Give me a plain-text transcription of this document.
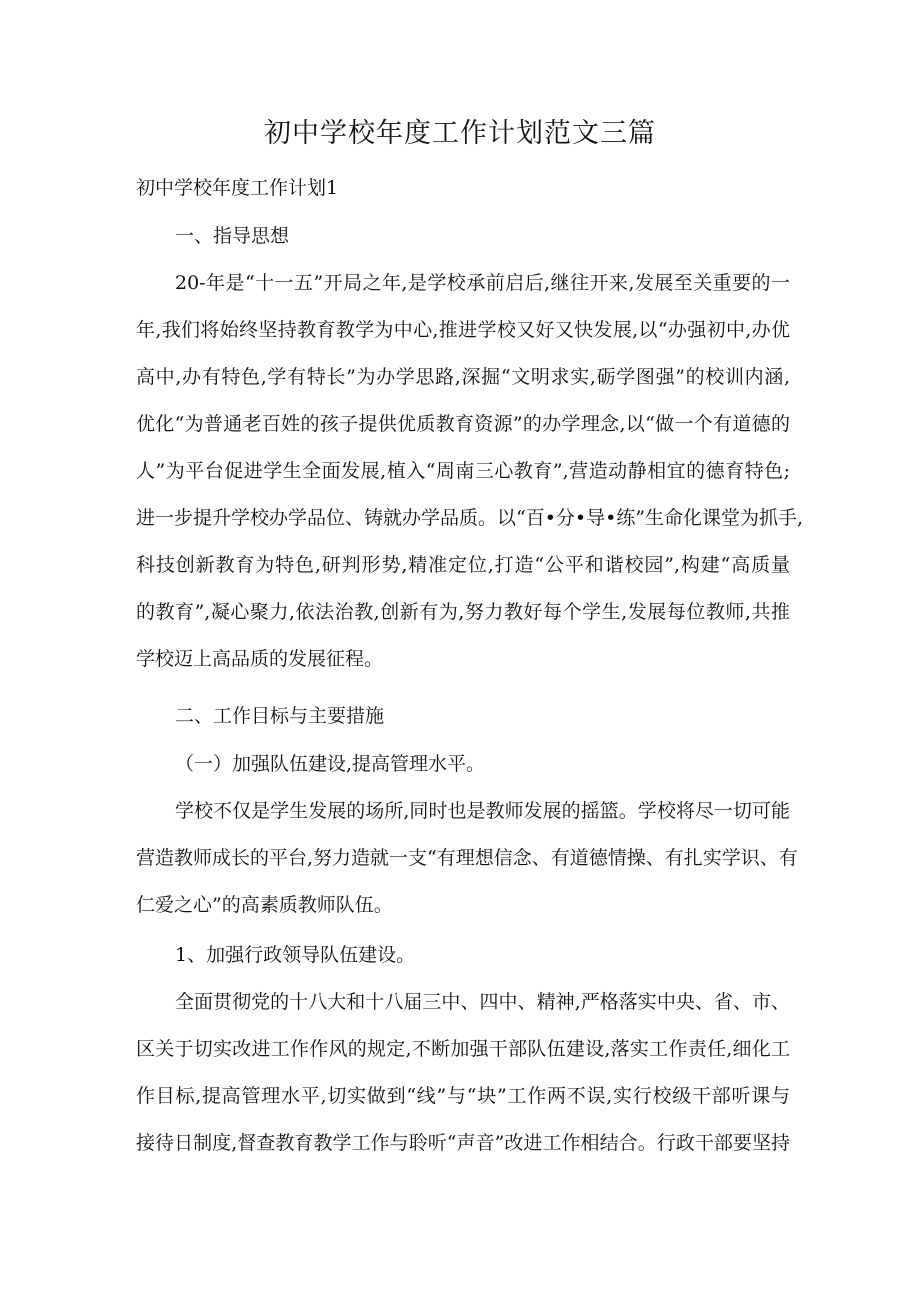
初中学校年度工作计划范文三篇
初中学校年度工作计划1
一、指导思想
20-年是“十一五”开局之年,是学校承前启后,继往开来,发展至关重要的一
年,我们将始终坚持教育教学为中心,推进学校又好又快发展,以“办强初中,办优
高中,办有特色,学有特长”为办学思路,深掘“文明求实,砺学图强”的校训内涵,
优化“为普通老百姓的孩子提供优质教育资源”的办学理念,以“做一个有道德的
人”为平台促进学生全面发展,植入“周南三心教育”,营造动静相宜的德育特色;
进一步提升学校办学品位、铸就办学品质。以“百•分•导•练”生命化课堂为抓手,
科技创新教育为特色,研判形势,精准定位,打造“公平和谐校园”,构建“高质量
的教育”,凝心聚力,依法治教,创新有为,努力教好每个学生,发展每位教师,共推
学校迈上高品质的发展征程。
二、工作目标与主要措施
（一）加强队伍建设,提高管理水平。
学校不仅是学生发展的场所,同时也是教师发展的摇篮。学校将尽一切可能
营造教师成长的平台,努力造就一支“有理想信念、有道德情操、有扎实学识、有
仁爱之心”的高素质教师队伍。
1、加强行政领导队伍建设。
全面贯彻党的十八大和十八届三中、四中、精神,严格落实中央、省、市、
区关于切实改进工作作风的规定,不断加强干部队伍建设,落实工作责任,细化工
作目标,提高管理水平,切实做到“线”与“块”工作两不误,实行校级干部听课与
接待日制度,督查教育教学工作与聆听“声音”改进工作相结合。行政干部要坚持
